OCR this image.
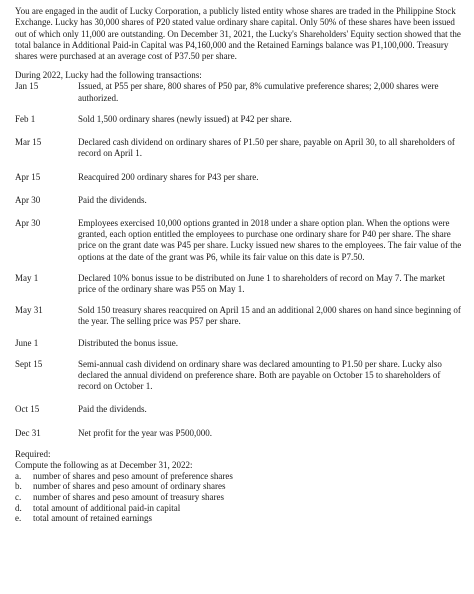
You are engaged in the audit of Lucky Corporation, a publicly listed entity whose shares are traded in the Philippine Stock Exchange. Lucky has 30,000 shares of P20 stated value ordinary share capital. Only 50% of these shares have been issued out of which only 11,000 are outstanding. On December 31, 2021, the Lucky's Shareholders' Equity section showed that the total balance in Additional Paid-in Capital was P4,160,000 and the Retained Earnings balance was P1,100,000. Treasury shares were purchased at an average cost of P37.50 per share.

During 2022, Lucky had the following transactions:

Jan 15	Issued, at P55 per share, 800 shares of P50 par, 8% cumulative preference shares; 2,000 shares were authorized.
Feb 1	Sold 1,500 ordinary shares (newly issued) at P42 per share.
Mar 15	Declared cash dividend on ordinary shares of P1.50 per share, payable on April 30, to all shareholders of record on April 1.
Apr 15	Reacquired 200 ordinary shares for P43 per share.
Apr 30	Paid the dividends.
Apr 30	Employees exercised 10,000 options granted in 2018 under a share option plan. When the options were granted, each option entitled the employees to purchase one ordinary share for P40 per share. The share price on the grant date was P45 per share. Lucky issued new shares to the employees. The fair value of the options at the date of the grant was P6, while its fair value on this date is P7.50.
May 1	Declared 10% bonus issue to be distributed on June 1 to shareholders of record on May 7. The market price of the ordinary share was P55 on May 1.
May 31	Sold 150 treasury shares reacquired on April 15 and an additional 2,000 shares on hand since beginning of the year. The selling price was P57 per share.
June 1	Distributed the bonus issue.
Sept 15	Semi-annual cash dividend on ordinary share was declared amounting to P1.50 per share. Lucky also declared the annual dividend on preference share. Both are payable on October 15 to shareholders of record on October 1.
Oct 15	Paid the dividends.
Dec 31	Net profit for the year was P500,000.
Required:
Compute the following as at December 31, 2022:
a.	number of shares and peso amount of preference shares
b.	number of shares and peso amount of ordinary shares
c.	number of shares and peso amount of treasury shares
d.	total amount of additional paid-in capital
e.	total amount of retained earnings
